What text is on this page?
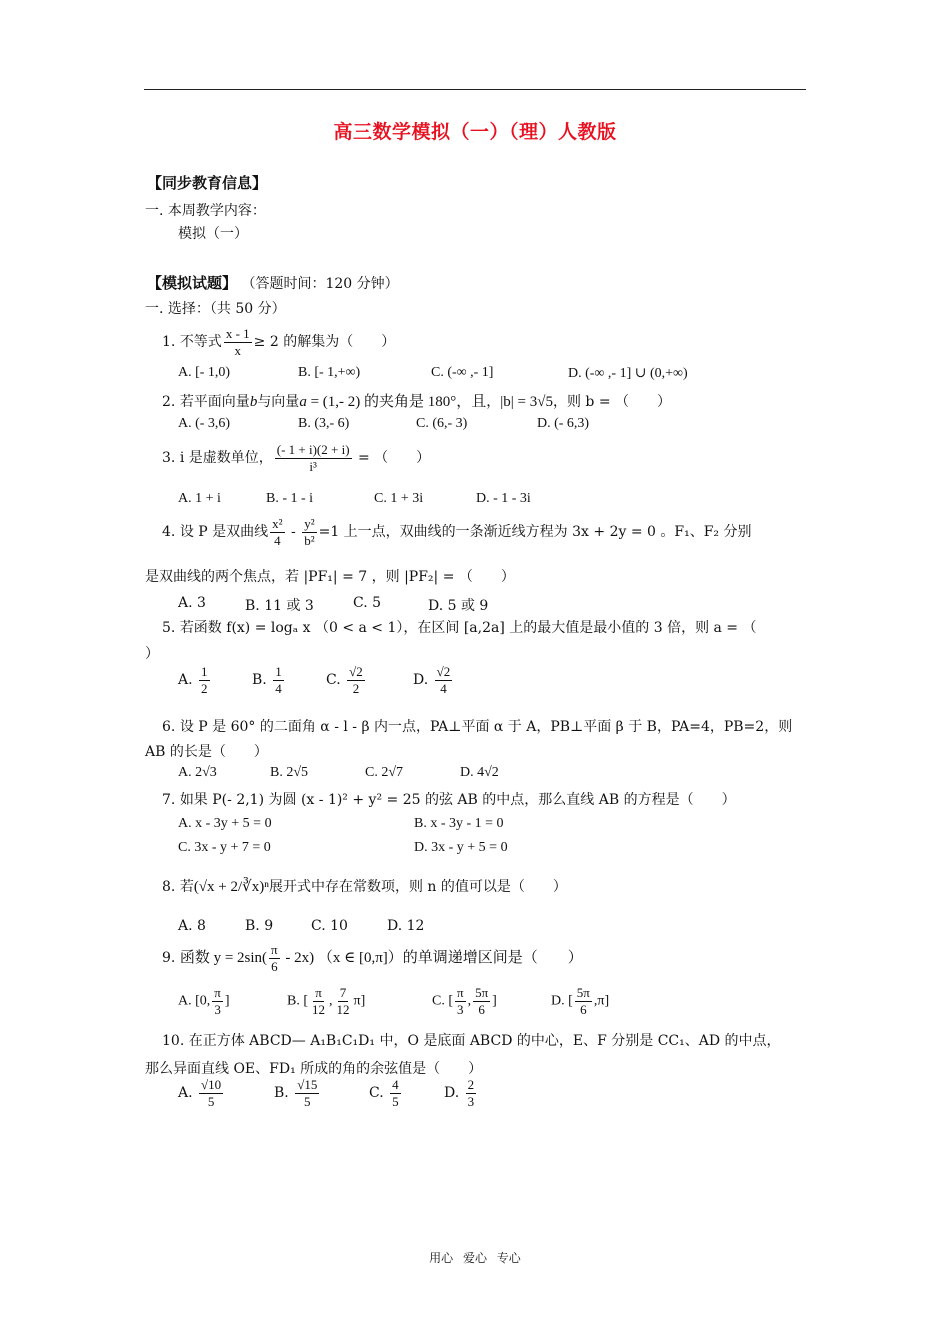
高三数学模拟（一）（理）人教版
【同步教育信息】
一. 本周教学内容：
模拟（一）
【模拟试题】 （答题时间：120 分钟）
一. 选择：（共 50 分）
1. 不等式 $\frac{x - 1}{x} \ge 2$ 的解集为（　　）
A. [- 1,0)	B. [- 1,+∞)	C. (-∞ ,- 1]	D. (-∞ ,- 1] ∪ (0,+∞)
2. 若平面向量b与向量a = (1,- 2) 的夹角是 180°，且，|b| = 3√5，则 b = （　　）
A. (- 3,6)	B. (3,- 6)	C. (6,- 3)	D. (- 6,3)
3. i 是虚数单位， $\frac{(- 1 + i)(2 + i)}{\text{i³}}$ = （　　）
A. 1 + i	B. - 1 - i	C. 1 + 3i	D. - 1 - 3i
4. 设 P 是双曲线 $\frac{\text{x²}}{4} - \frac{\text{y²}}{\text{b²}} =1$ 上一点，双曲线的一条渐近线方程为 3x + 2y = 0 。F₁、F₂ 分别
是双曲线的两个焦点，若 |PF₁| = 7 ，则 |PF₂| = （　　）
A. 3	B. 11 或 3	C. 5	D. 5 或 9
5. 若函数 f(x) = logₐ x （0 < a < 1），在区间 [a,2a] 上的最大值是最小值的 3 倍，则 a = （
）
A. $\frac{1}{2}$	B. $\frac{1}{4}$	C. $\frac{√2}{2}$	D. $\frac{√2}{4}$
6. 设 P 是 60° 的二面角 α - l - β 内一点，PA⊥平面 α 于 A，PB⊥平面 β 于 B，PA=4，PB=2，则
AB 的长是（　　）
A. 2√3	B. 2√5	C. 2√7	D. 4√2
7. 如果 P(- 2,1) 为圆 (x - 1)² + y² = 25 的弦 AB 的中点，那么直线 AB 的方程是（　　）
A. x - 3y + 5 = 0	B. x - 3y - 1 = 0
C. 3x - y + 7 = 0	D. 3x - y + 5 = 0
8. 若(√x + 2/∛x)ⁿ展开式中存在常数项，则 n 的值可以是（　　）
A. 8	B. 9	C. 10	D. 12
9. 函数 $y = 2\sin( \frac{\pi}{6} - 2x)$ （x ∈ [0,π]）的单调递增区间是（　　）
A. [0, $\frac{\pi}{3}$ ]	B. [ $\frac{\pi}{12}$ , $\frac{7}{12} \pi$]	C. [ $\frac{\pi}{3}$ , $\frac{5\pi}{6}$ ]	D. [ $\frac{5\pi}{6} ,\pi$]
10. 在正方体 ABCD— A₁B₁C₁D₁ 中，O 是底面 ABCD 的中心，E、F 分别是 CC₁、AD 的中点，
那么异面直线 OE、FD₁ 所成的角的余弦值是（　　）
A. $\frac{√10}{5}$	B. $\frac{√15}{5}$	C. $\frac{4}{5}$	D. $\frac{2}{3}$
用心 爱心 专心
